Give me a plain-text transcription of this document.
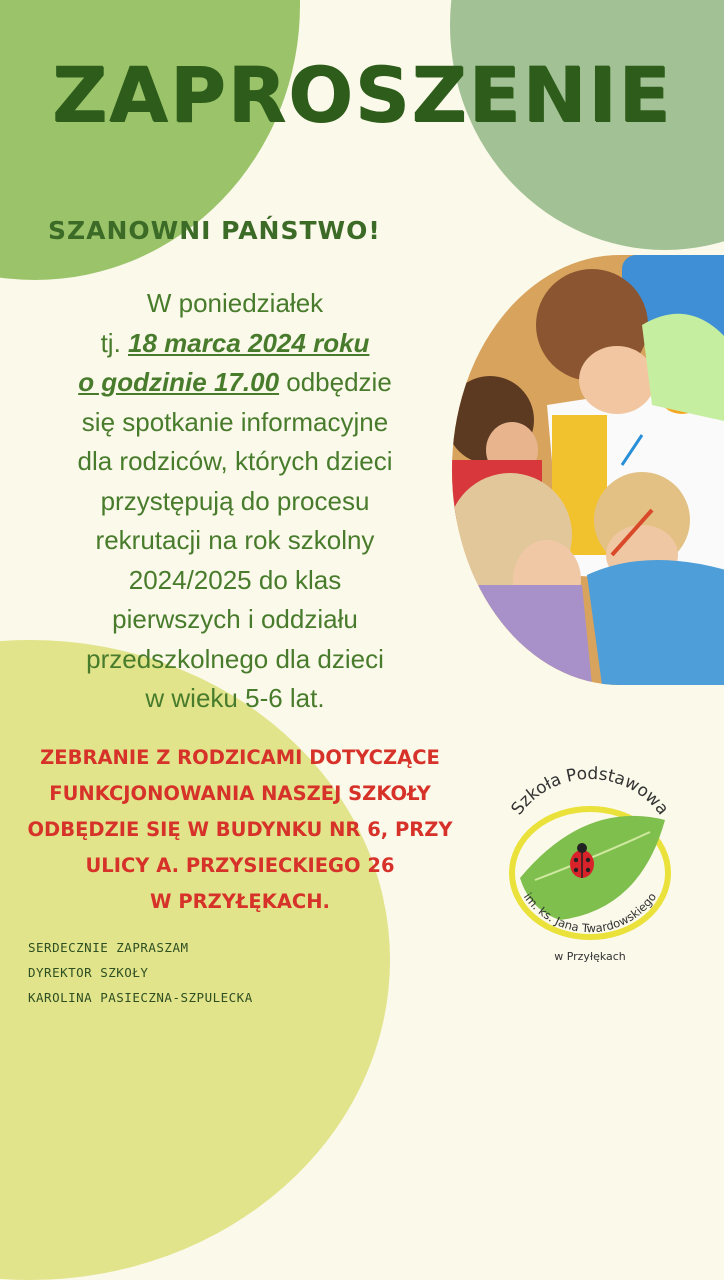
ZAPROSZENIE
SZANOWNI PAŃSTWO!
W poniedziałek
tj. 18 marca 2024 roku
o godzinie 17.00 odbędzie
się spotkanie informacyjne
dla rodziców, których dzieci
przystępują do procesu
rekrutacji na rok szkolny
2024/2025 do klas
pierwszych i oddziału
przedszkolnego dla dzieci
w wieku 5-6 lat.
ZEBRANIE Z RODZICAMI DOTYCZĄCE
FUNKCJONOWANIA NASZEJ SZKOŁY
ODBĘDZIE SIĘ W BUDYNKU NR 6, PRZY
ULICY A. PRZYSIECKIEGO 26
W PRZYŁĘKACH.
SERDECZNIE ZAPRASZAM
DYREKTOR SZKOŁY
KAROLINA PASIECZNA-SZPULECKA
Szkoła Podstawowa
im. ks. Jana Twardowskiego
w Przyłękach
